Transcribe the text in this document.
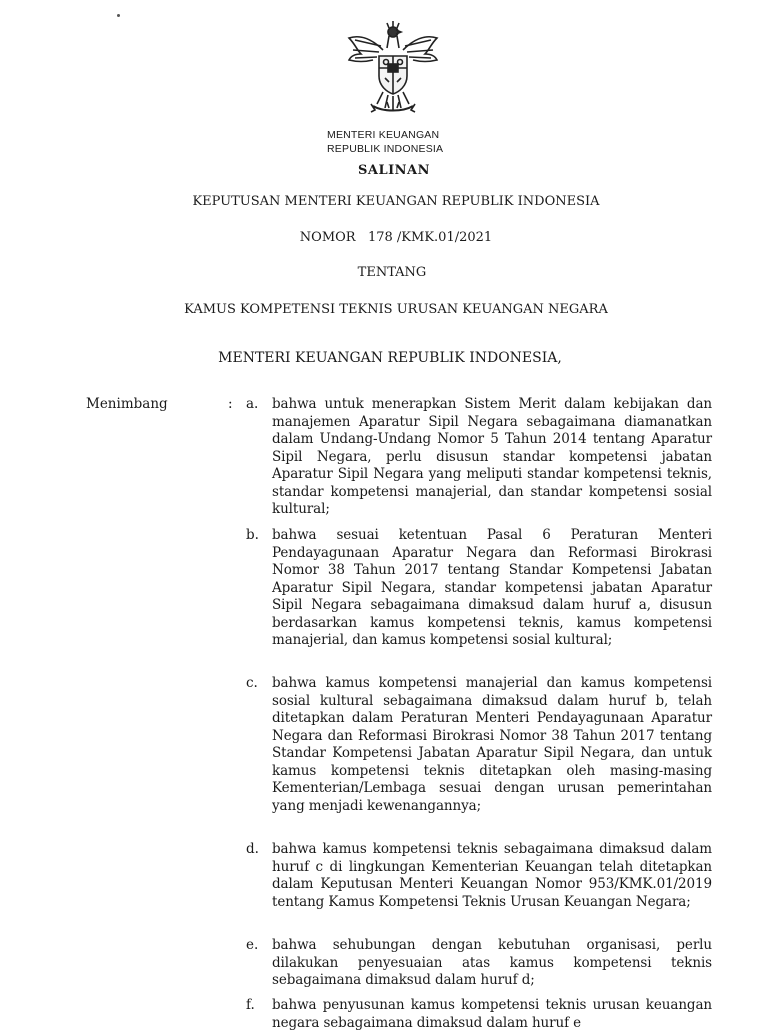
MENTERI KEUANGAN
REPUBLIK INDONESIA
SALINAN
KEPUTUSAN MENTERI KEUANGAN REPUBLIK INDONESIA
NOMOR   178 /KMK.01/2021
TENTANG
KAMUS KOMPETENSI TEKNIS URUSAN KEUANGAN NEGARA
MENTERI KEUANGAN REPUBLIK INDONESIA,
Menimbang	: a. bahwa untuk menerapkan Sistem Merit dalam kebijakan dan manajemen Aparatur Sipil Negara sebagaimana diamanatkan dalam Undang-Undang Nomor 5 Tahun 2014 tentang Aparatur Sipil Negara, perlu disusun standar kompetensi jabatan Aparatur Sipil Negara yang meliputi standar kompetensi teknis, standar kompetensi manajerial, dan standar kompetensi sosial kultural;
b. bahwa sesuai ketentuan Pasal 6 Peraturan Menteri Pendayagunaan Aparatur Negara dan Reformasi Birokrasi Nomor 38 Tahun 2017 tentang Standar Kompetensi Jabatan Aparatur Sipil Negara, standar kompetensi jabatan Aparatur Sipil Negara sebagaimana dimaksud dalam huruf a, disusun berdasarkan kamus kompetensi teknis, kamus kompetensi manajerial, dan kamus kompetensi sosial kultural;
c. bahwa kamus kompetensi manajerial dan kamus kompetensi sosial kultural sebagaimana dimaksud dalam huruf b, telah ditetapkan dalam Peraturan Menteri Pendayagunaan Aparatur Negara dan Reformasi Birokrasi Nomor 38 Tahun 2017 tentang Standar Kompetensi Jabatan Aparatur Sipil Negara, dan untuk kamus kompetensi teknis ditetapkan oleh masing-masing Kementerian/Lembaga sesuai dengan urusan pemerintahan yang menjadi kewenangannya;
d. bahwa kamus kompetensi teknis sebagaimana dimaksud dalam huruf c di lingkungan Kementerian Keuangan telah ditetapkan dalam Keputusan Menteri Keuangan Nomor 953/KMK.01/2019 tentang Kamus Kompetensi Teknis Urusan Keuangan Negara;
e. bahwa sehubungan dengan kebutuhan organisasi, perlu dilakukan penyesuaian atas kamus kompetensi teknis sebagaimana dimaksud dalam huruf d;
f. bahwa penyusunan kamus kompetensi teknis urusan keuangan negara sebagaimana dimaksud dalam huruf e
